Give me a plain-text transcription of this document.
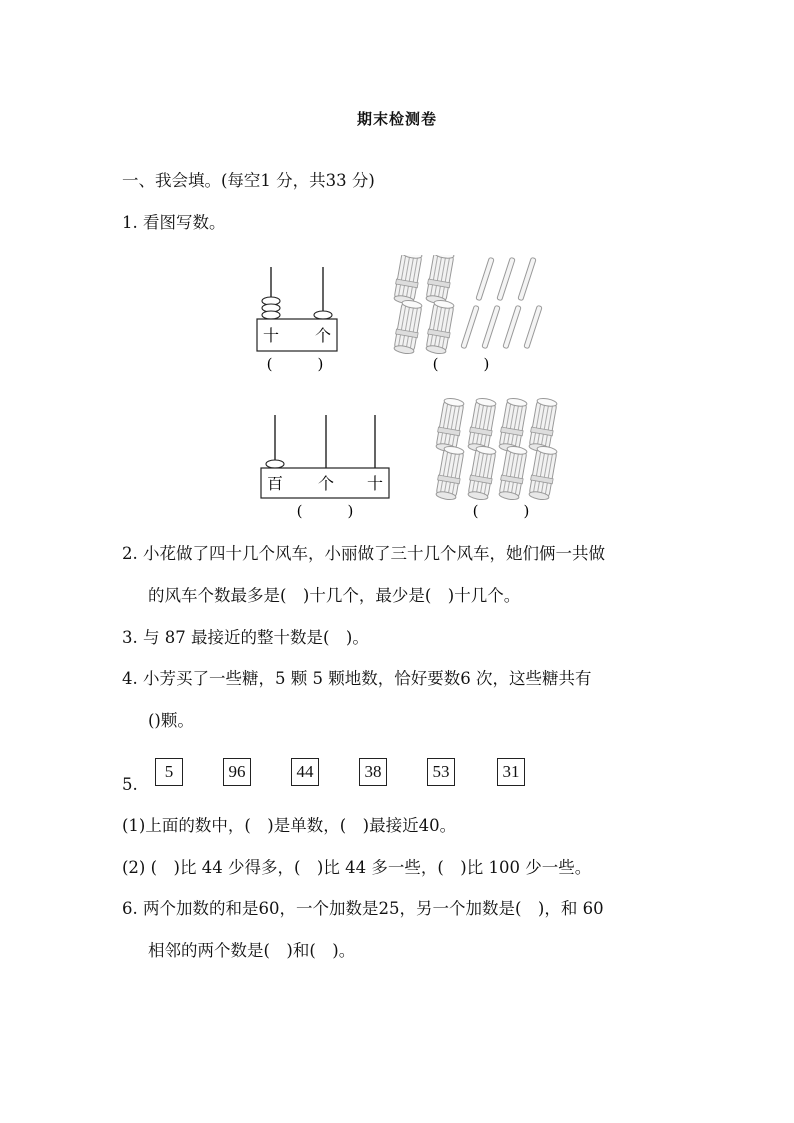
期末检测卷
一、我会填。(每空1 分，共33 分)
1. 看图写数。
十 个
(　　　)	(　　　)
百 个 十
(　　　)	(　　　)
2. 小花做了四十几个风车，小丽做了三十几个风车，她们俩一共做
的风车个数最多是(　)十几个，最少是(　)十几个。
3. 与 87 最接近的整十数是(　)。
4. 小芳买了一些糖，5 颗 5 颗地数，恰好要数6 次，这些糖共有
()颗。
5.
5	96	44	38	53	31
(1)上面的数中，(　)是单数，(　)最接近40。
(2) (　)比 44 少得多，(　)比 44 多一些，(　)比 100 少一些。
6. 两个加数的和是60，一个加数是25，另一个加数是(　)，和 60
相邻的两个数是(　)和(　)。
